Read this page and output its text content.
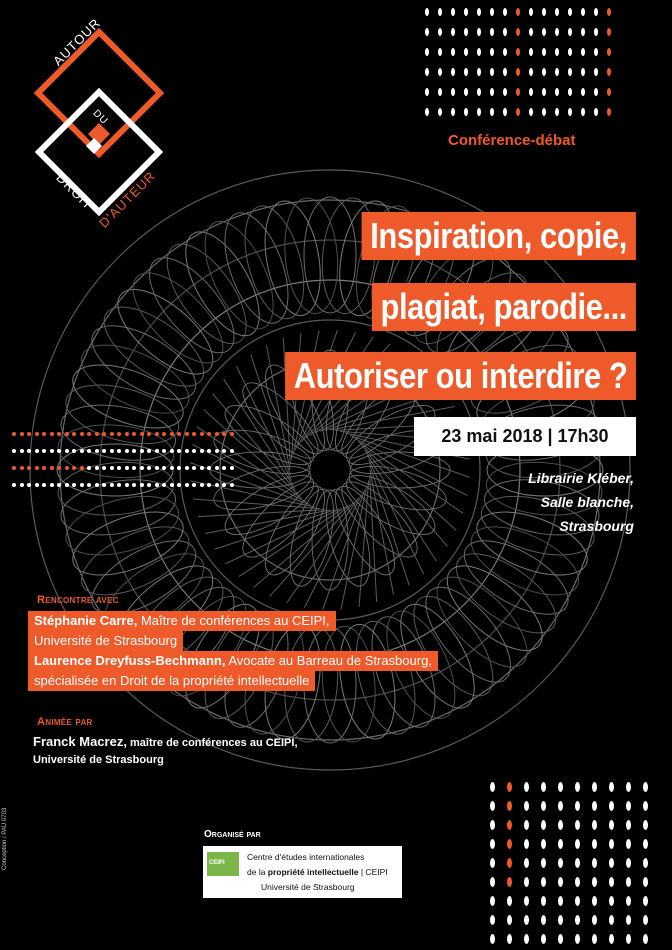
AUTOUR
DU
DROIT D'AUTEUR
Conférence-débat
Inspiration, copie,
plagiat, parodie...
Autoriser ou interdire ?
23 mai 2018 | 17h30
Librairie Kléber,
Salle blanche,
Strasbourg
Rencontre avec
Stéphanie Carre, Maître de conférences au CEIPI,
Université de Strasbourg
Laurence Dreyfuss-Bechmann, Avocate au Barreau de Strasbourg,
spécialisée en Droit de la propriété intellectuelle
Animée par
Franck Macrez, maître de conférences au CEIPI,
Université de Strasbourg
Organisé par
CEIPI
Centre d'études internationales
de la propriété intellectuelle | CEIPI
Université de Strasbourg
Conception / PAU 0703
